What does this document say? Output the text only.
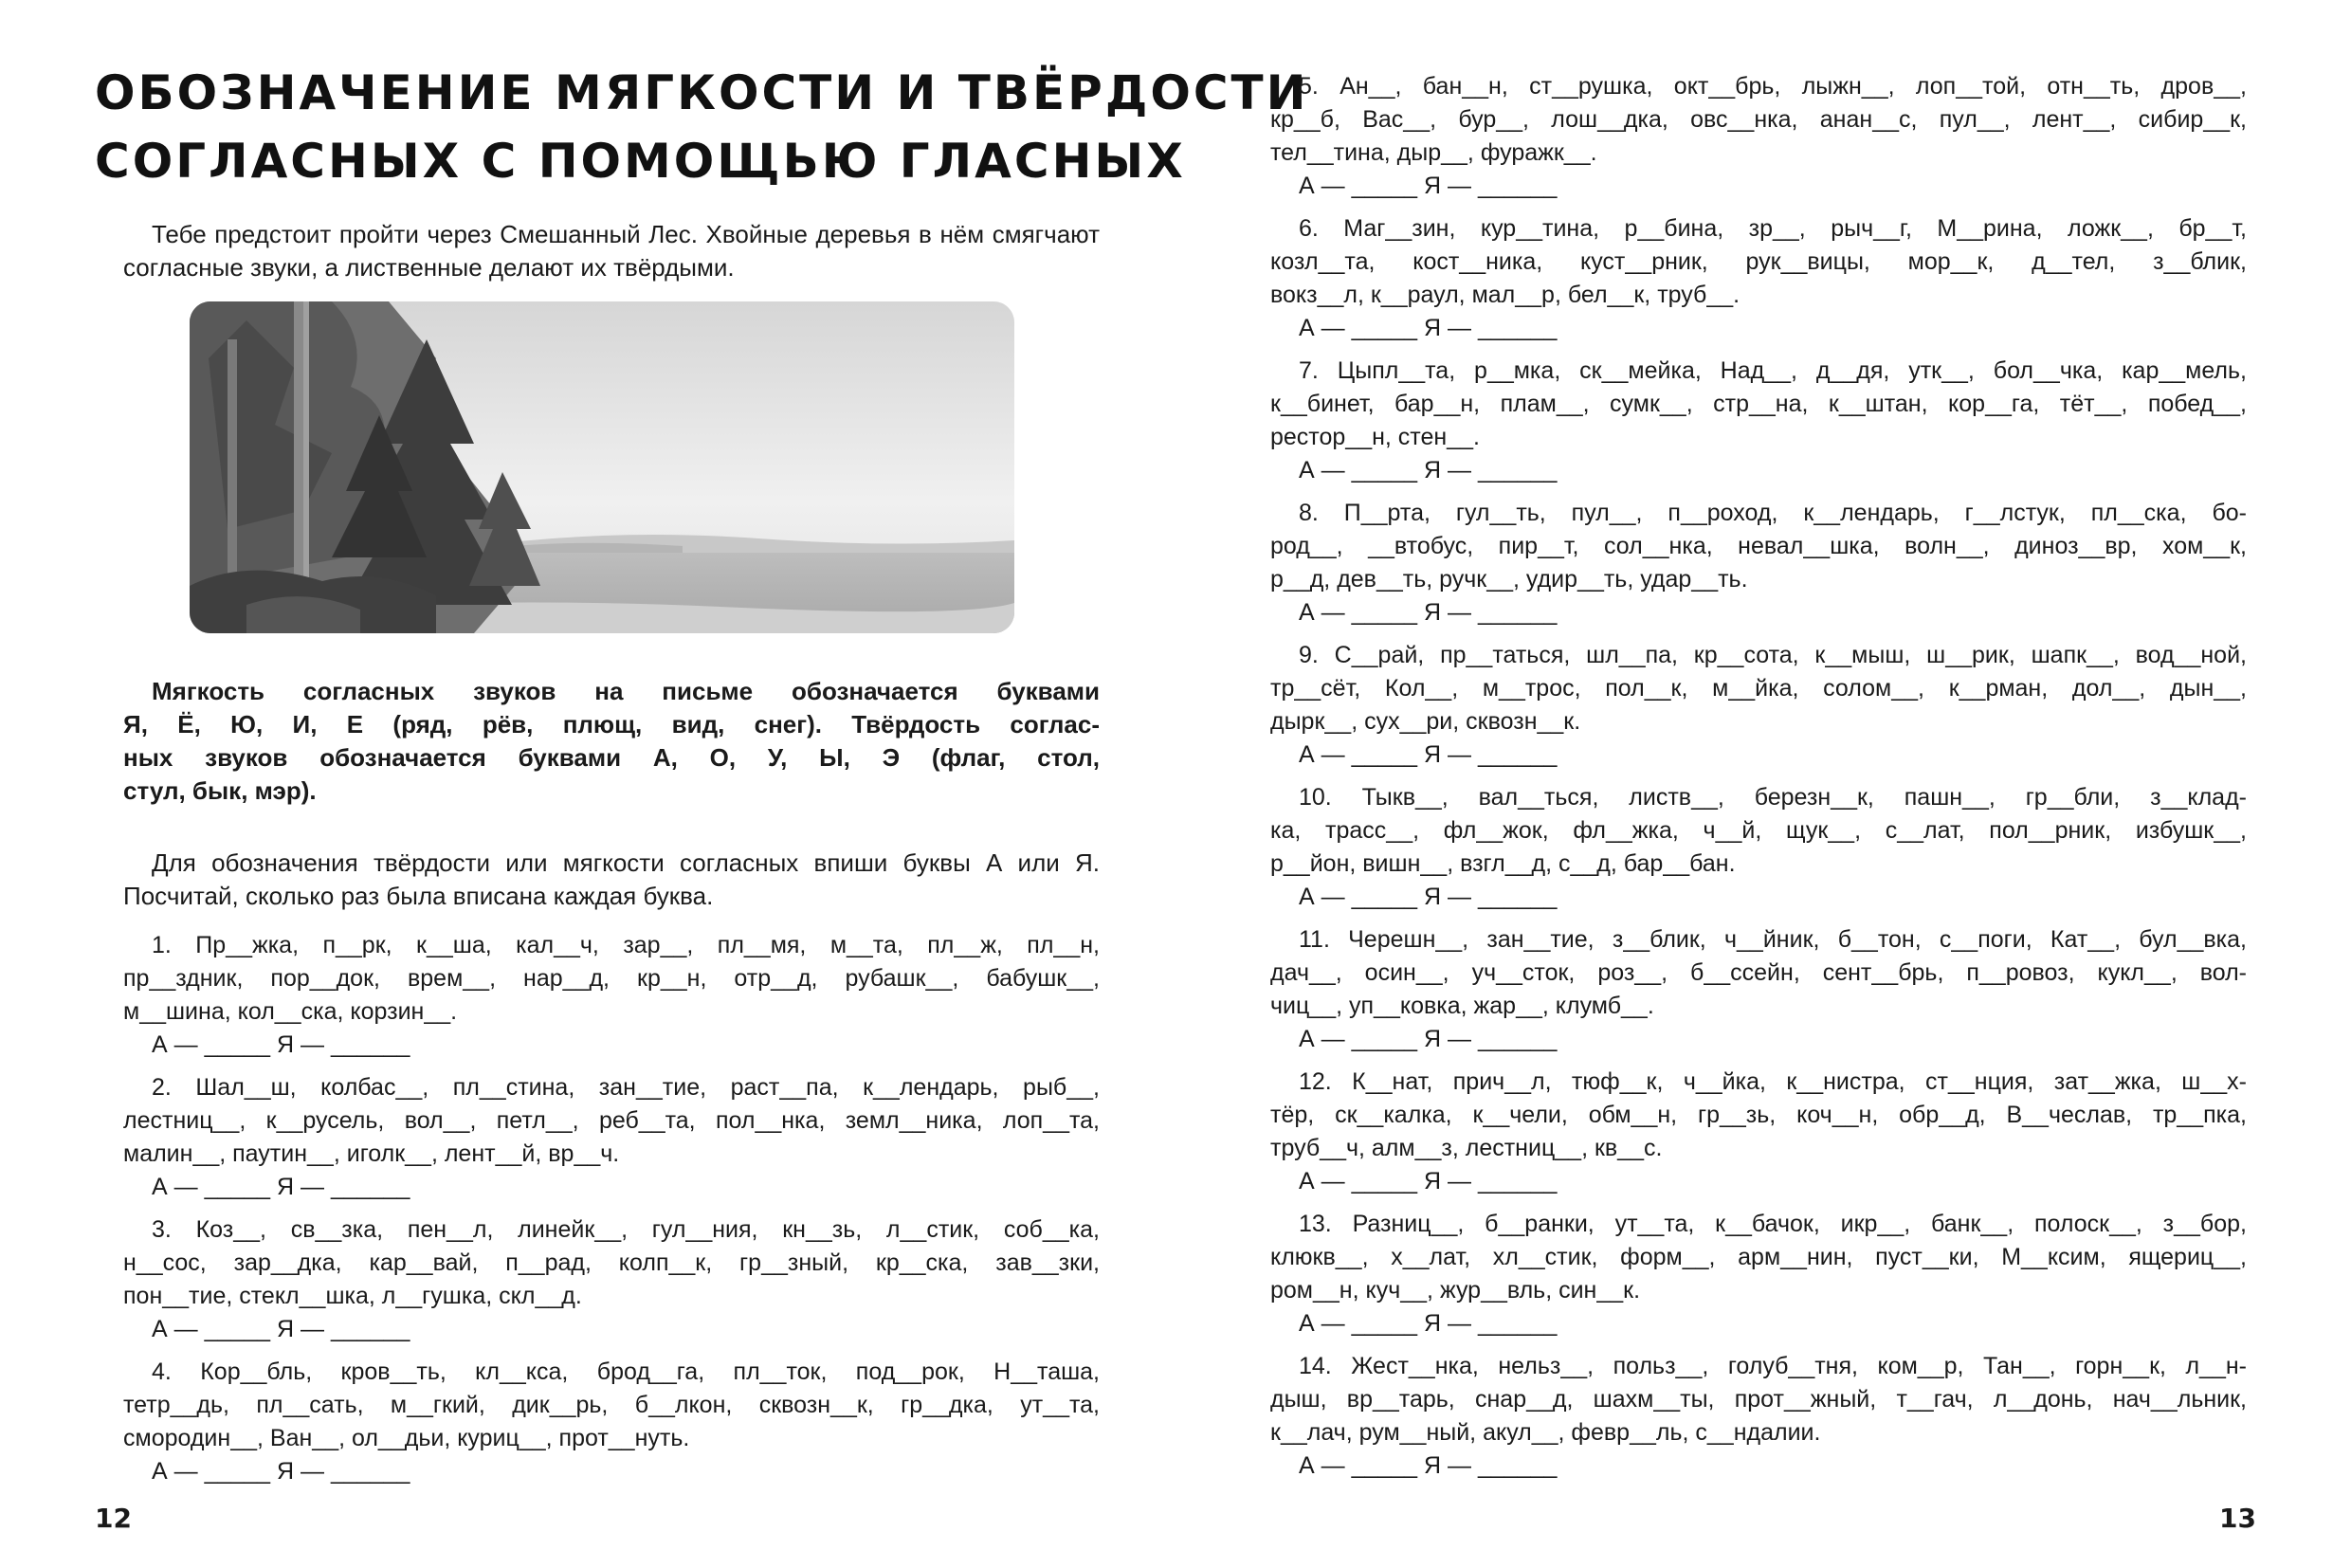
ОБОЗНАЧЕНИЕ МЯГКОСТИ И ТВЁРДОСТИ
СОГЛАСНЫХ С ПОМОЩЬЮ ГЛАСНЫХ

Тебе предстоит пройти через Смешанный Лес. Хвойные деревья в нём смягчают согласные звуки, а лиственные делают их твёрдыми.

Мягкость согласных звуков на письме обозначается буквами
Я, Ё, Ю, И, Е (ряд, рёв, плющ, вид, снег). Твёрдость соглас-
ных звуков обозначается буквами А, О, У, Ы, Э (флаг, стол,
стул, бык, мэр).

Для обозначения твёрдости или мягкости согласных впиши буквы А или Я. Посчитай, сколько раз была вписана каждая буква.

1. Пр__жка, п__рк, к__ша, кал__ч, зар__, пл__мя, м__та, пл__ж, пл__н,
пр__здник, пор__док, врем__, нар__д, кр__н, отр__д, рубашк__, бабушк__,
м__шина, кол__ска, корзин__.
А — _____ Я — ______
2. Шал__ш, колбас__, пл__стина, зан__тие, раст__па, к__лендарь, рыб__,
лестниц__, к__русель, вол__, петл__, реб__та, пол__нка, земл__ника, лоп__та,
малин__, паутин__, иголк__, лент__й, вр__ч.
А — _____ Я — ______
3. Коз__, св__зка, пен__л, линейк__, гул__ния, кн__зь, л__стик, соб__ка,
н__сос, зар__дка, кар__вай, п__рад, колп__к, гр__зный, кр__ска, зав__зки,
пон__тие, стекл__шка, л__гушка, скл__д.
А — _____ Я — ______
4. Кор__бль, кров__ть, кл__кса, брод__га, пл__ток, под__рок, Н__таша,
тетр__дь, пл__сать, м__гкий, дик__рь, б__лкон, сквозн__к, гр__дка, ут__та,
смородин__, Ван__, ол__дьи, куриц__, прот__нуть.
А — _____ Я — ______
12
5. Ан__, бан__н, ст__рушка, окт__брь, лыжн__, лоп__той, отн__ть, дров__,
кр__б, Вас__, бур__, лош__дка, овс__нка, анан__с, пул__, лент__, сибир__к,
тел__тина, дыр__, фуражк__.
А — _____ Я — ______
6. Маг__зин, кур__тина, р__бина, зр__, рыч__г, М__рина, ложк__, бр__т,
козл__та, кост__ника, куст__рник, рук__вицы, мор__к, д__тел, з__блик,
вокз__л, к__раул, мал__р, бел__к, труб__.
А — _____ Я — ______
7. Цыпл__та, р__мка, ск__мейка, Над__, д__дя, утк__, бол__чка, кар__мель,
к__бинет, бар__н, плам__, сумк__, стр__на, к__штан, кор__га, тёт__, побед__,
рестор__н, стен__.
А — _____ Я — ______
8. П__рта, гул__ть, пул__, п__роход, к__лендарь, г__лстук, пл__ска, бо-
род__, __втобус, пир__т, сол__нка, невал__шка, волн__, диноз__вр, хом__к,
р__д, дев__ть, ручк__, удир__ть, удар__ть.
А — _____ Я — ______
9. С__рай, пр__таться, шл__па, кр__сота, к__мыш, ш__рик, шапк__, вод__ной,
тр__сёт, Кол__, м__трос, пол__к, м__йка, солом__, к__рман, дол__, дын__,
дырк__, сух__ри, сквозн__к.
А — _____ Я — ______
10. Тыкв__, вал__ться, листв__, березн__к, пашн__, гр__бли, з__клад-
ка, трасс__, фл__жок, фл__жка, ч__й, щук__, с__лат, пол__рник, избушк__,
р__йон, вишн__, взгл__д, с__д, бар__бан.
А — _____ Я — ______
11. Черешн__, зан__тие, з__блик, ч__йник, б__тон, с__поги, Кат__, бул__вка,
дач__, осин__, уч__сток, роз__, б__ссейн, сент__брь, п__ровоз, кукл__, вол-
чиц__, уп__ковка, жар__, клумб__.
А — _____ Я — ______
12. К__нат, прич__л, тюф__к, ч__йка, к__нистра, ст__нция, зат__жка, ш__х-
тёр, ск__калка, к__чели, обм__н, гр__зь, коч__н, обр__д, В__чеслав, тр__пка,
труб__ч, алм__з, лестниц__, кв__с.
А — _____ Я — ______
13. Разниц__, б__ранки, ут__та, к__бачок, икр__, банк__, полоск__, з__бор,
клюкв__, х__лат, хл__стик, форм__, арм__нин, пуст__ки, М__ксим, ящериц__,
ром__н, куч__, жур__вль, син__к.
А — _____ Я — ______
14. Жест__нка, нельз__, польз__, голуб__тня, ком__р, Тан__, горн__к, л__н-
дыш, вр__тарь, снар__д, шахм__ты, прот__жный, т__гач, л__донь, нач__льник,
к__лач, рум__ный, акул__, февр__ль, с__ндалии.
А — _____ Я — ______
13
